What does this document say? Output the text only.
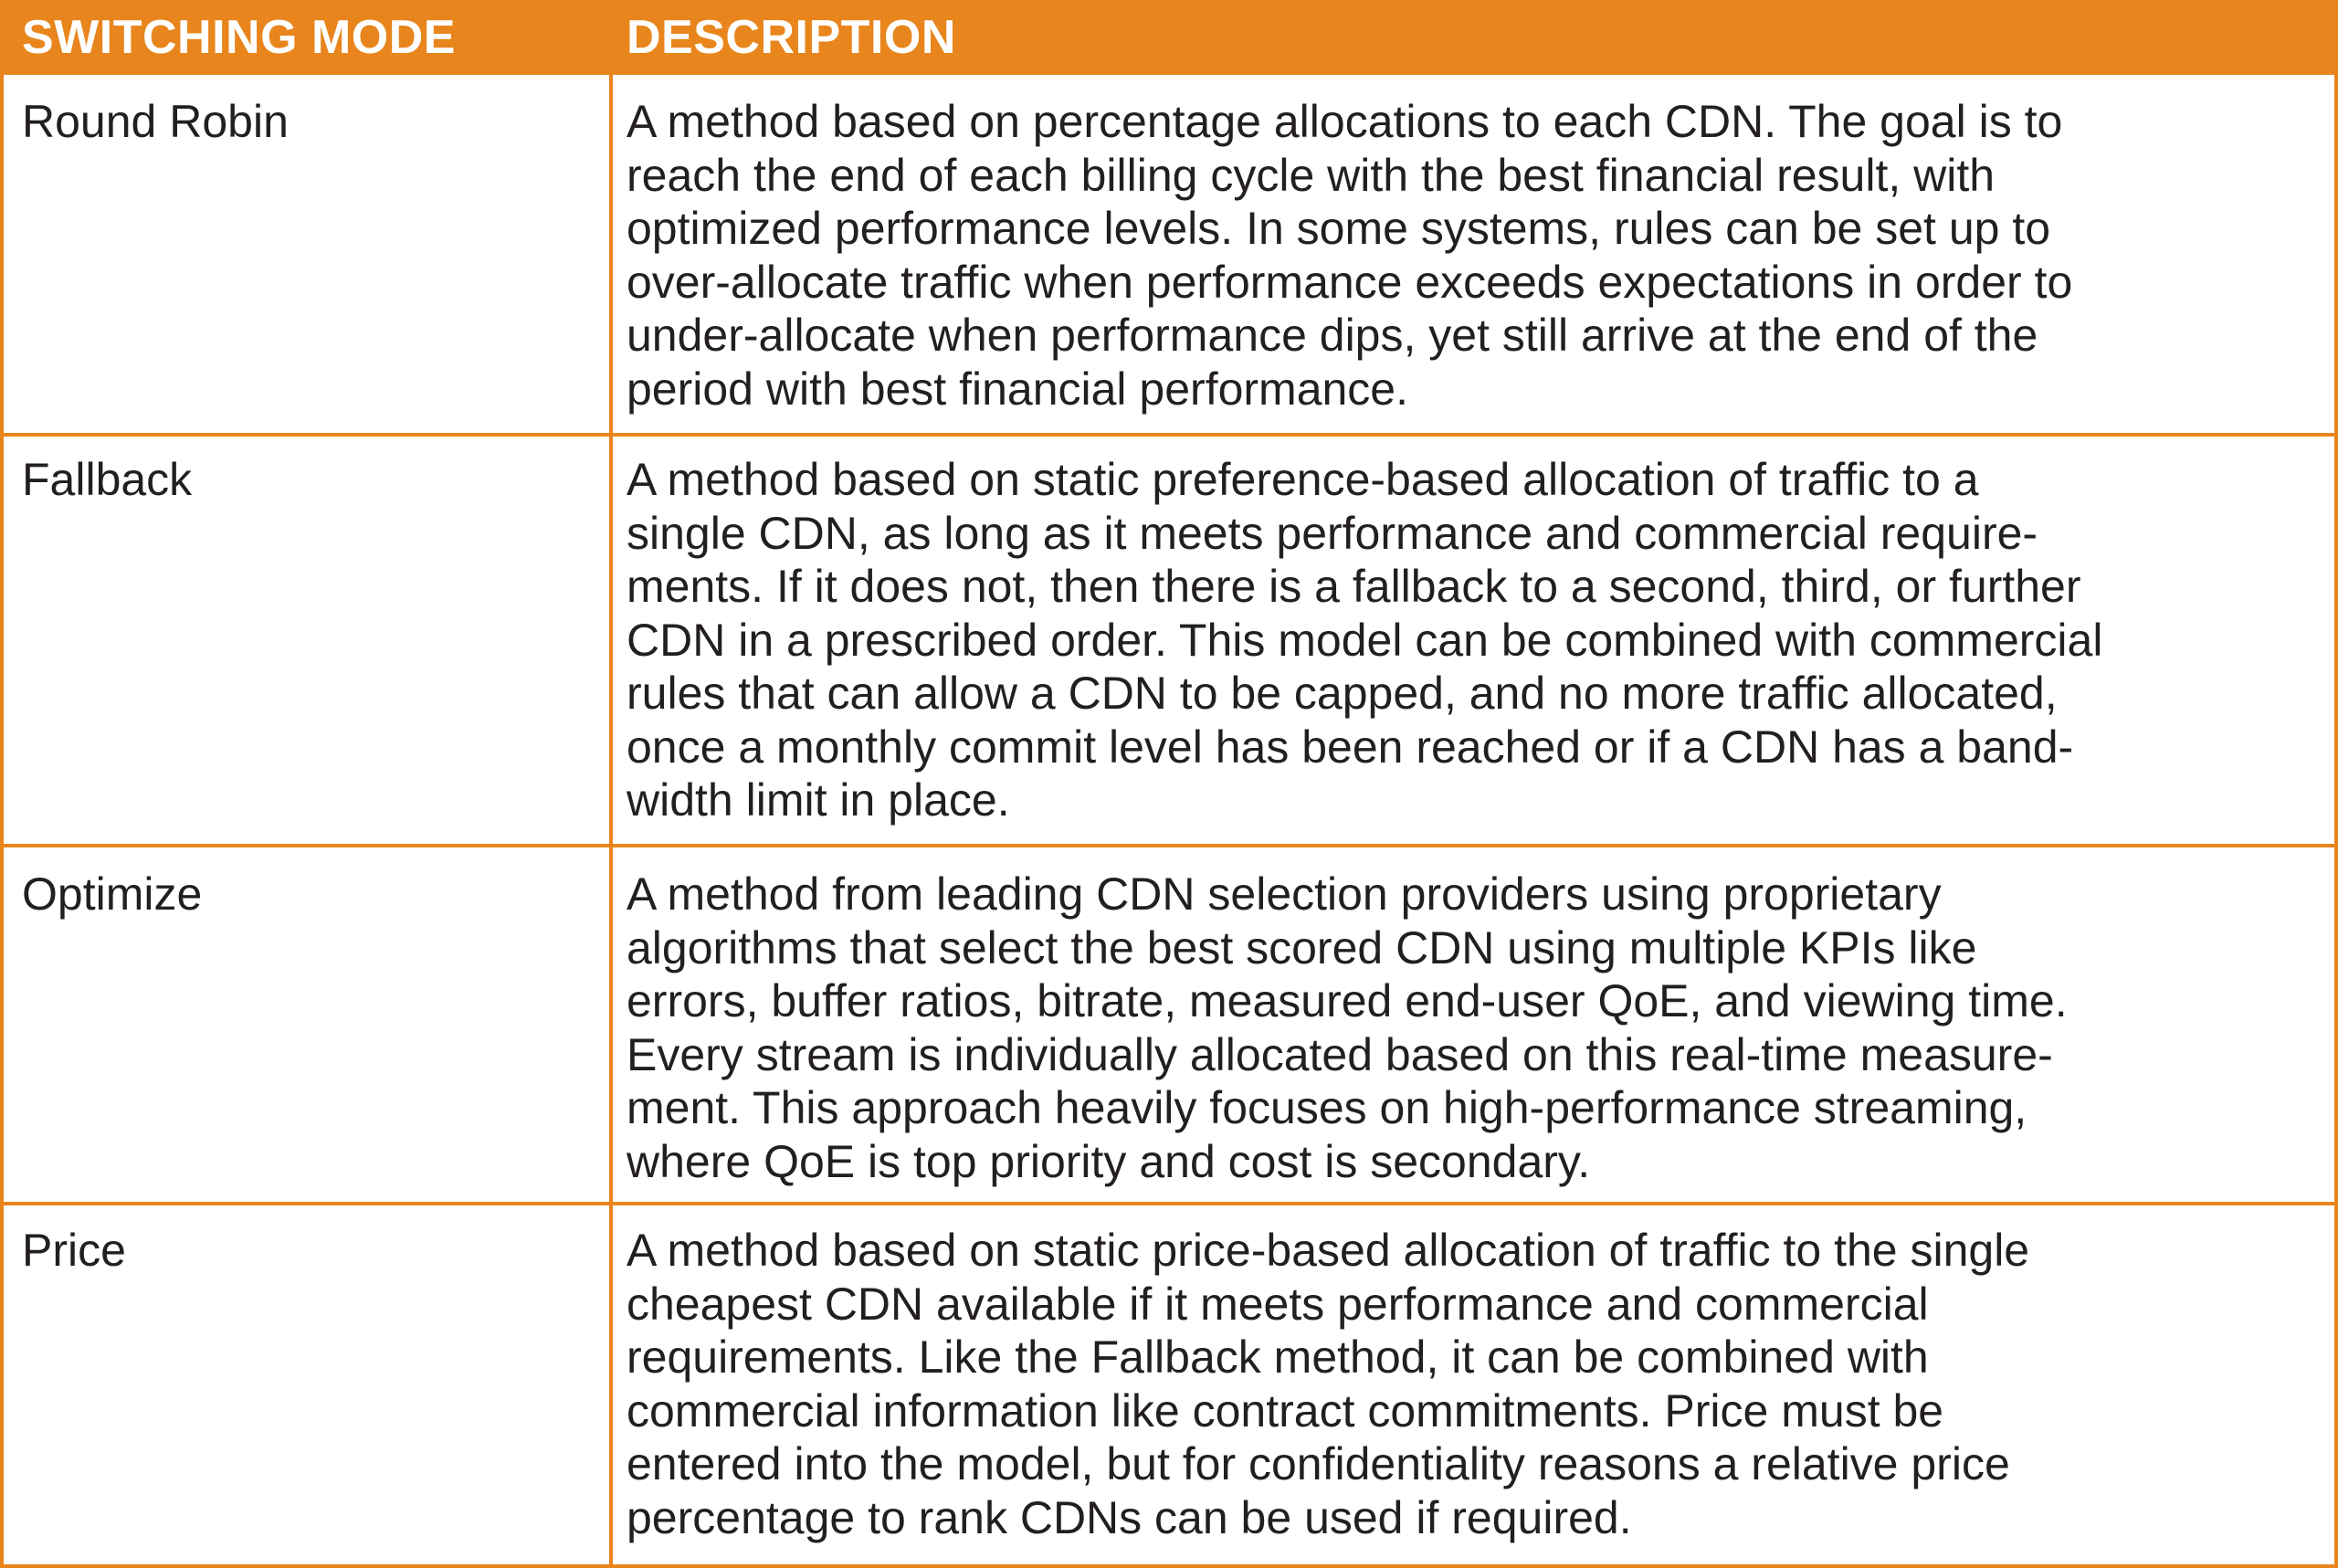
SWITCHING MODE	DESCRIPTION
Round Robin	A method based on percentage allocations to each CDN. The goal is to
reach the end of each billing cycle with the best financial result, with
optimized performance levels. In some systems, rules can be set up to
over-allocate traffic when performance exceeds expectations in order to
under-allocate when performance dips, yet still arrive at the end of the
period with best financial performance.
Fallback	A method based on static preference-based allocation of traffic to a
single CDN, as long as it meets performance and commercial require-
ments. If it does not, then there is a fallback to a second, third, or further
CDN in a prescribed order. This model can be combined with commercial
rules that can allow a CDN to be capped, and no more traffic allocated,
once a monthly commit level has been reached or if a CDN has a band-
width limit in place.
Optimize	A method from leading CDN selection providers using proprietary
algorithms that select the best scored CDN using multiple KPIs like
errors, buffer ratios, bitrate, measured end-user QoE, and viewing time.
Every stream is individually allocated based on this real-time measure-
ment. This approach heavily focuses on high-performance streaming,
where QoE is top priority and cost is secondary.
Price	A method based on static price-based allocation of traffic to the single
cheapest CDN available if it meets performance and commercial
requirements. Like the Fallback method, it can be combined with
commercial information like contract commitments. Price must be
entered into the model, but for confidentiality reasons a relative price
percentage to rank CDNs can be used if required.
